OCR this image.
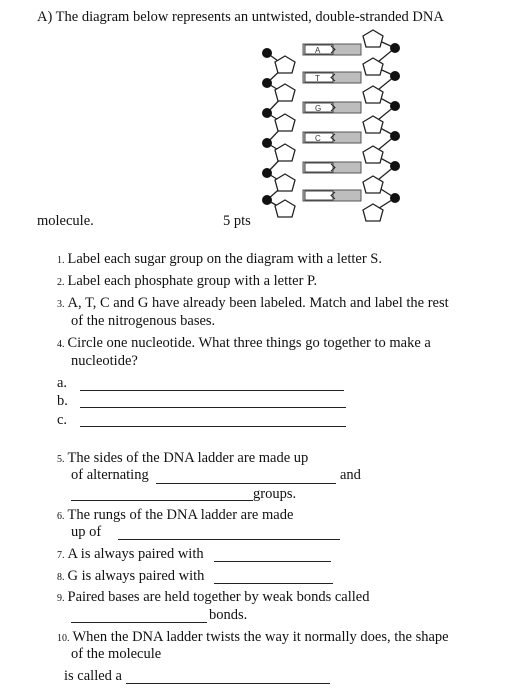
A) The diagram below represents an untwisted, double-stranded DNA
A
T
G
C
molecule.	5 pts
1. Label each sugar group on the diagram with a letter S.
2. Label each phosphate group with a letter P.
3. A, T, C and G have already been labeled. Match and label the rest
of the nitrogenous bases.
4. Circle one nucleotide. What three things go together to make a
nucleotide?
a.
b.
c.
5. The sides of the DNA ladder are made up
of alternating	and
groups.
6. The rungs of the DNA ladder are made
up of
7. A is always paired with
8. G is always paired with
9. Paired bases are held together by weak bonds called
bonds.
10. When the DNA ladder twists the way it normally does, the shape
of the molecule
is called a
